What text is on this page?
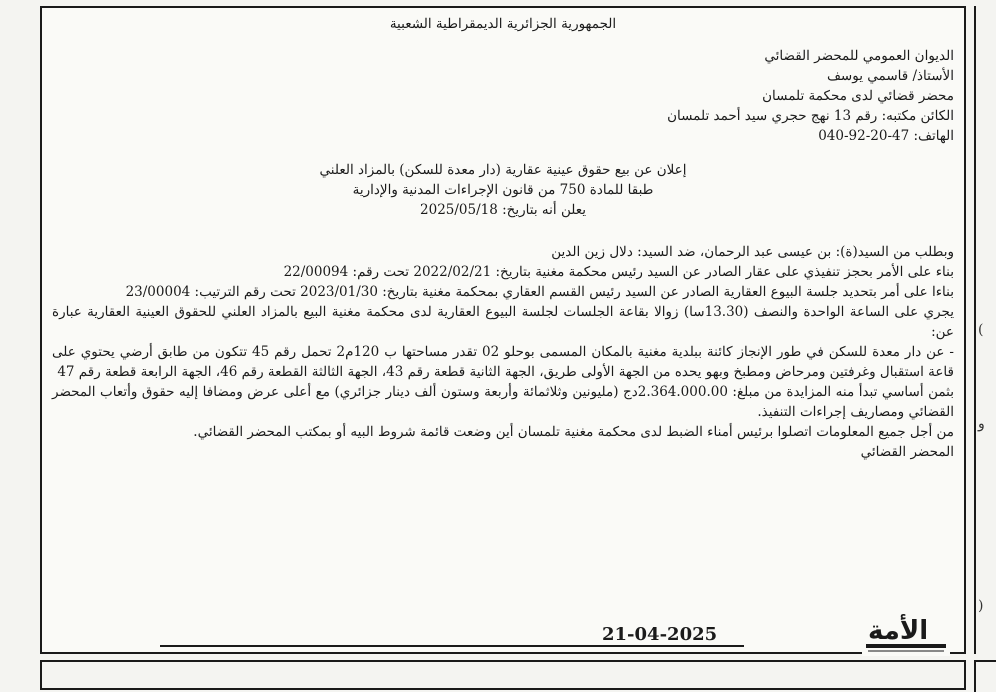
الجمهورية الجزائرية الديمقراطية الشعبية
الديوان العمومي للمحضر القضائي
الأستاذ/ قاسمي يوسف
محضر قضائي لدى محكمة تلمسان
الكائن مكتبه: رقم 13 نهج حجري سيد أحمد تلمسان
الهاتف: 47-20-92-040
إعلان عن بيع حقوق عينية عقارية (دار معدة للسكن) بالمزاد العلني
طبقا للمادة 750 من قانون الإجراءات المدنية والإدارية
يعلن أنه بتاريخ: 2025/05/18
وبطلب من السيد(ة): بن عيسى عبد الرحمان، ضد السيد: دلال زين الدين
بناء على الأمر بحجز تنفيذي على عقار الصادر عن السيد رئيس محكمة مغنية بتاريخ: 2022/02/21 تحت رقم: 22/00094
بناءا على أمر بتحديد جلسة البيوع العقارية الصادر عن السيد رئيس القسم العقاري بمحكمة مغنية بتاريخ: 2023/01/30 تحت رقم الترتيب: 23/00004
يجري على الساعة الواحدة والنصف (13.30سا) زوالا بقاعة الجلسات لجلسة البيوع العقارية لدى محكمة مغنية البيع بالمزاد العلني للحقوق العينية العقارية عبارة عن:
- عن دار معدة للسكن في طور الإنجاز كائنة ببلدية مغنية بالمكان المسمى بوحلو 02 تقدر مساحتها ب 120م2 تحمل رقم 45 تتكون من طابق أرضي يحتوي على قاعة استقبال وغرفتين ومرحاض ومطبخ وبهو يحده من الجهة الأولى طريق، الجهة الثانية قطعة رقم 43، الجهة الثالثة القطعة رقم 46، الجهة الرابعة قطعة رقم 47
بثمن أساسي تبدأ منه المزايدة من مبلغ: 2.364.000.00دج (مليونين وثلاثمائة وأربعة وستون ألف دينار جزائري) مع أعلى عرض ومضافا إليه حقوق وأتعاب المحضر القضائي ومصاريف إجراءات التنفيذ.
من أجل جميع المعلومات اتصلوا برئيس أمناء الضبط لدى محكمة مغنية تلمسان أين وضعت قائمة شروط البيه أو بمكتب المحضر القضائي.
المحضر القضائي
21-04-2025	الأمة
(
و
)
